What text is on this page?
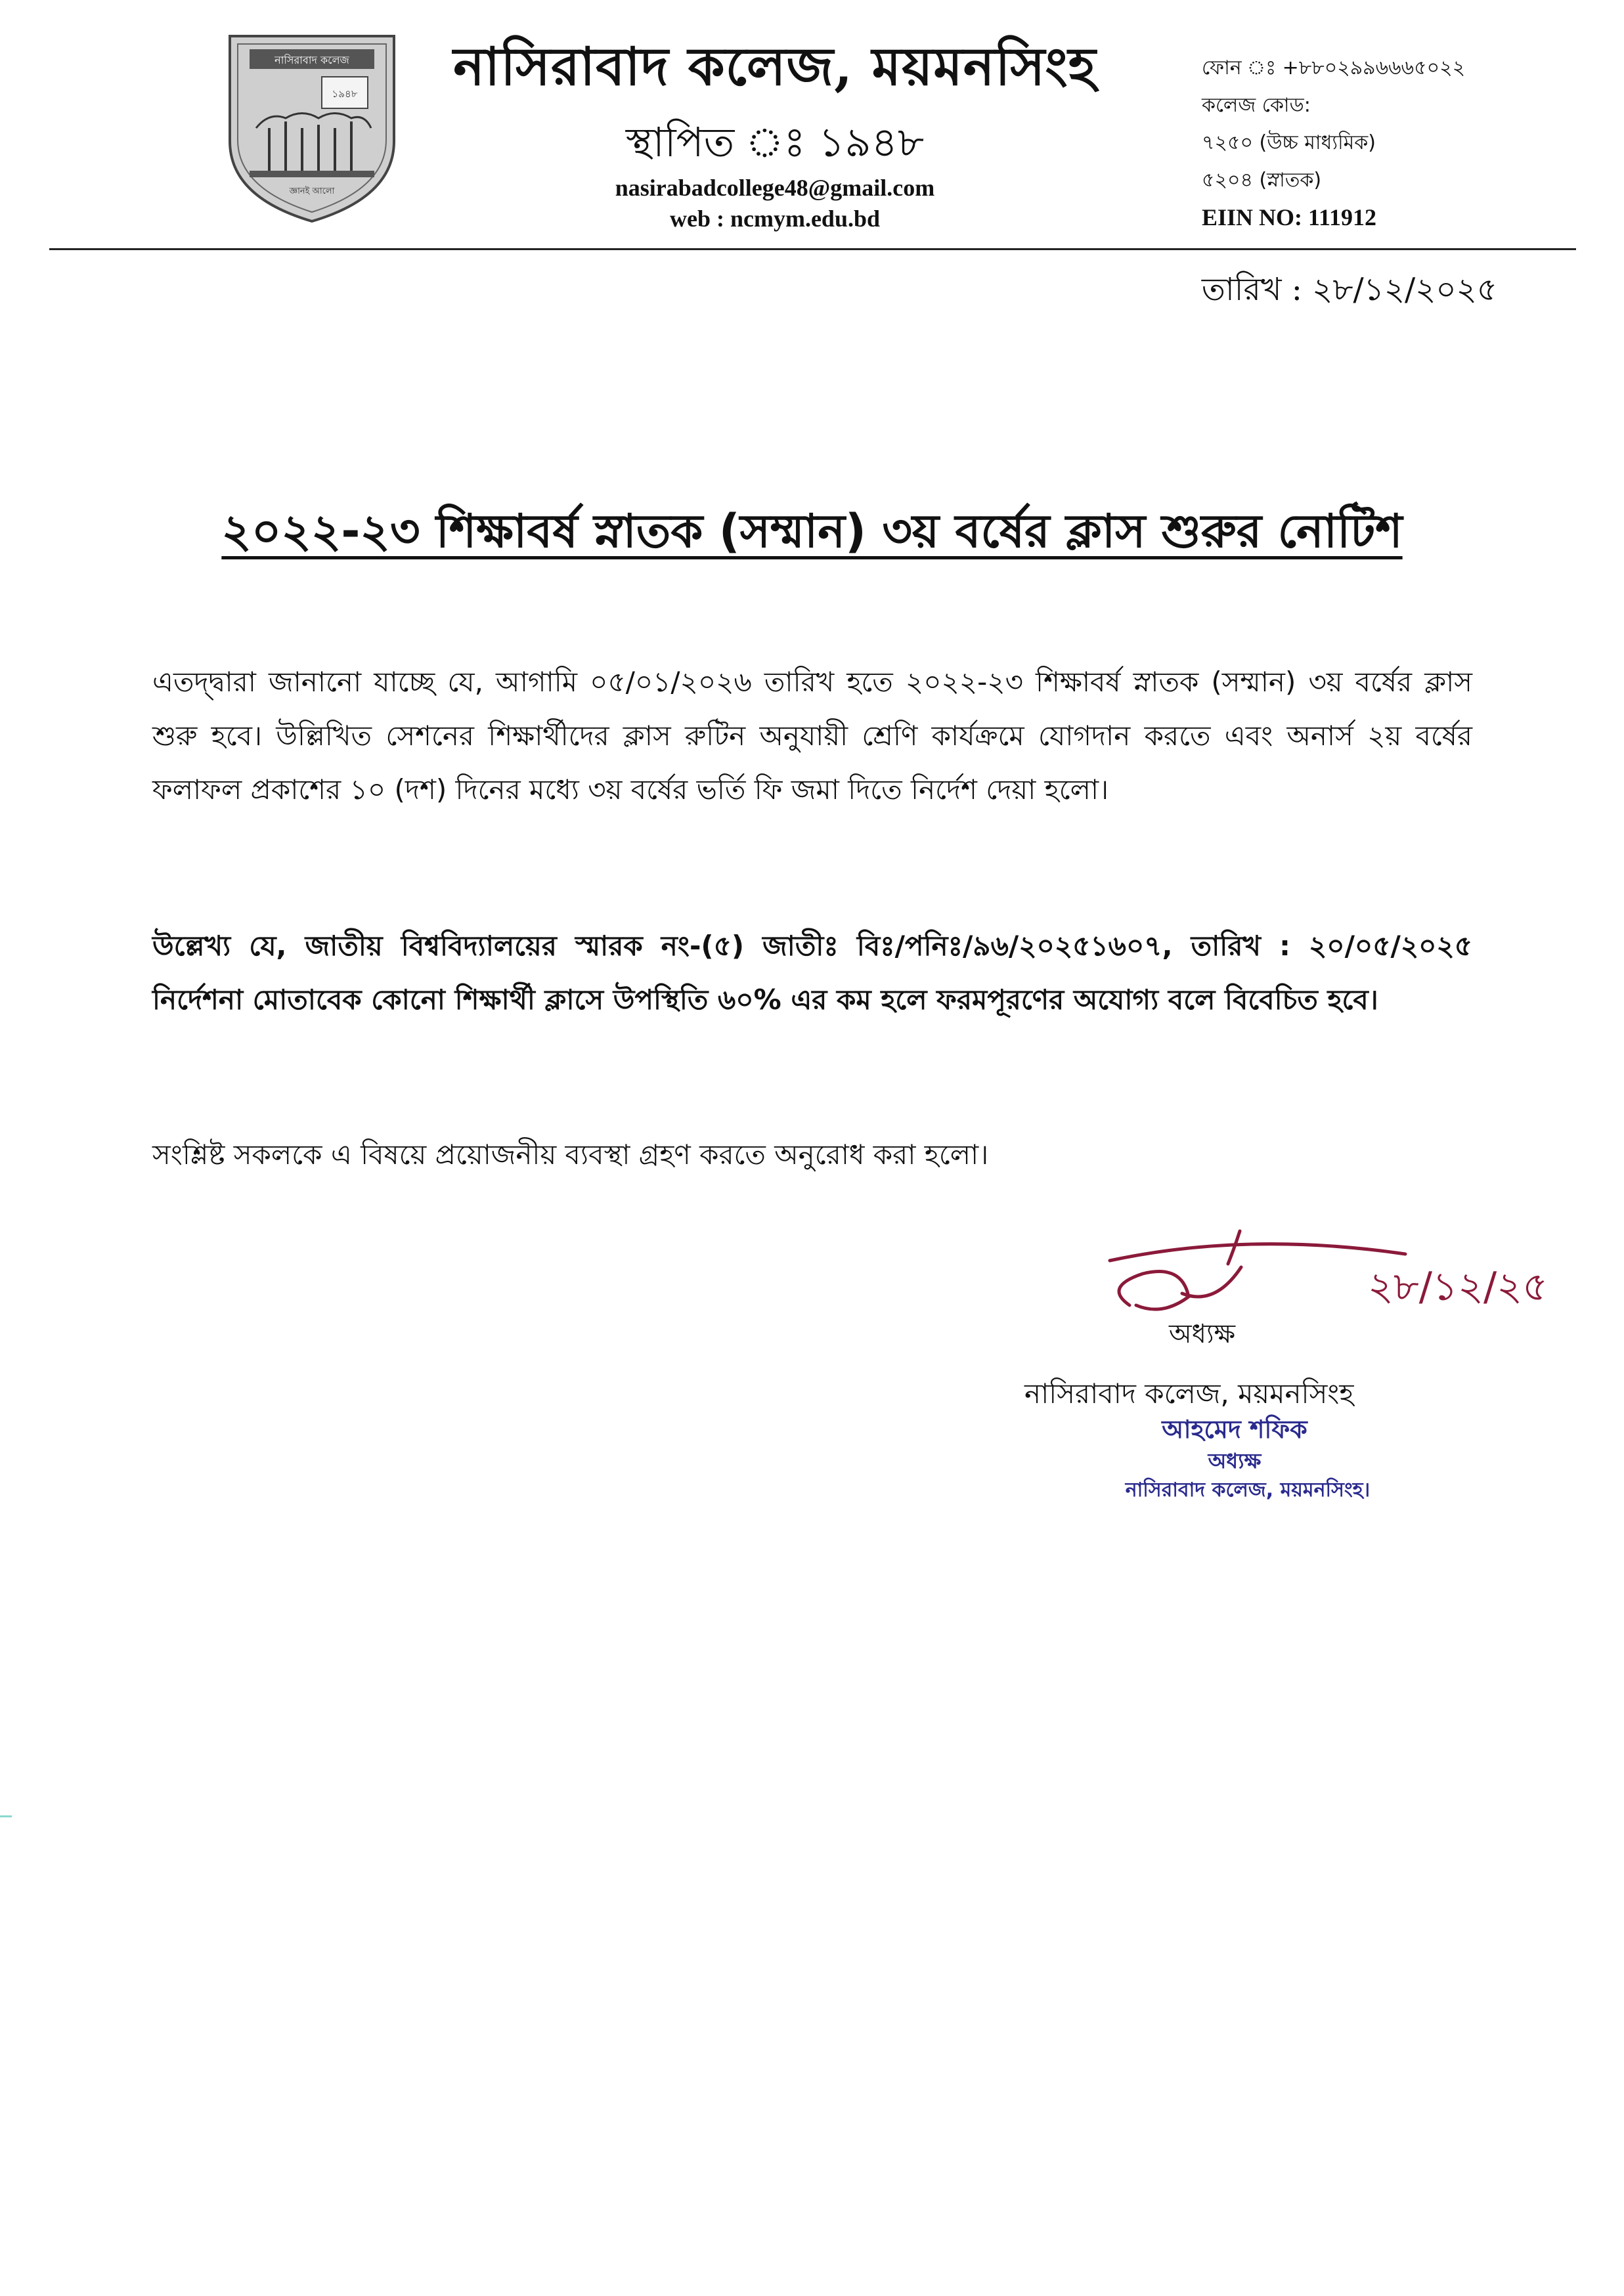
নাসিরাবাদ কলেজ
১৯৪৮
জ্ঞানই আলো
নাসিরাবাদ কলেজ, ময়মনসিংহ
স্থাপিত ঃ ১৯৪৮
nasirabadcollege48@gmail.com
web : ncmym.edu.bd
ফোন ঃ +৮৮০২৯৯৬৬৬৫০২২
কলেজ কোড:
৭২৫০ (উচ্চ মাধ্যমিক)
৫২০৪ (স্নাতক)
EIIN NO: 111912
তারিখ : ২৮/১২/২০২৫
২০২২-২৩ শিক্ষাবর্ষ স্নাতক (সম্মান) ৩য় বর্ষের ক্লাস শুরুর নোটিশ
এতদ্দ্বারা জানানো যাচ্ছে যে, আগামি ০৫/০১/২০২৬ তারিখ হতে ২০২২-২৩ শিক্ষাবর্ষ স্নাতক (সম্মান) ৩য় বর্ষের ক্লাস শুরু হবে। উল্লিখিত সেশনের শিক্ষার্থীদের ক্লাস রুটিন অনুযায়ী শ্রেণি কার্যক্রমে যোগদান করতে এবং অনার্স ২য় বর্ষের ফলাফল প্রকাশের ১০ (দশ) দিনের মধ্যে ৩য় বর্ষের ভর্তি ফি জমা দিতে নির্দেশ দেয়া হলো।
উল্লেখ্য যে, জাতীয় বিশ্ববিদ্যালয়ের স্মারক নং-(৫) জাতীঃ বিঃ/পনিঃ/৯৬/২০২৫১৬০৭, তারিখ : ২০/০৫/২০২৫ নির্দেশনা মোতাবেক কোনো শিক্ষার্থী ক্লাসে উপস্থিতি ৬০% এর কম হলে ফরমপূরণের অযোগ্য বলে বিবেচিত হবে।
সংশ্লিষ্ট সকলকে এ বিষয়ে প্রয়োজনীয় ব্যবস্থা গ্রহণ করতে অনুরোধ করা হলো।
২৮/১২/২৫
অধ্যক্ষ
নাসিরাবাদ কলেজ, ময়মনসিংহ
আহমেদ শফিক
অধ্যক্ষ
নাসিরাবাদ কলেজ, ময়মনসিংহ।
